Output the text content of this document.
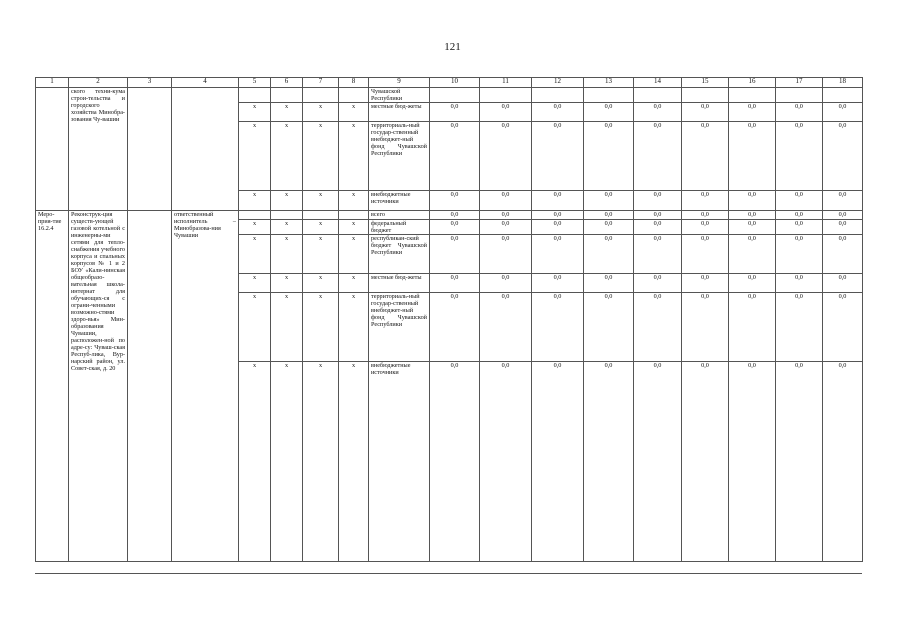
121
1	2	3	4	5	6	7	8	9	10	11	12	13	14	15	16	17	18
	ского техни-кума строи-тельства и городского хозяйства Минобра-зования Чу-вашии							Чувашской Республики									
				x	x	x	x	местные бюд-жеты	0,0	0,0	0,0	0,0	0,0	0,0	0,0	0,0	0,0
				x	x	x	x	территориаль-ный государ-ственный внебюджет-ный фонд Чувашской Республики	0,0	0,0	0,0	0,0	0,0	0,0	0,0	0,0	0,0
				x	x	x	x	внебюджетные источники	0,0	0,0	0,0	0,0	0,0	0,0	0,0	0,0	0,0
Меро-прия-тие 16.2.4	Реконструк-ция существ-ующей газовой котельной с инженерны-ми сетями для тепло-снабжения учебного корпуса и спальных корпусов № 1 и 2 БОУ «Кали-нинская общеобразо-вательная школа-интернат для обучающих-ся с ограни-ченными возможно-стями здоро-вья» Мин-образования Чувашии, расположен-ной по адре-су: Чуваш-ская Респуб-лика, Вур-нарский район, ул. Совет-ская, д. 20		ответственный исполнитель – Минобразова-ния Чувашии					всего	0,0	0,0	0,0	0,0	0,0	0,0	0,0	0,0	0,0
				x	x	x	x	федеральный бюджет	0,0	0,0	0,0	0,0	0,0	0,0	0,0	0,0	0,0
				x	x	x	x	республикан-ский бюджет Чувашской Республики	0,0	0,0	0,0	0,0	0,0	0,0	0,0	0,0	0,0
				x	x	x	x	местные бюд-жеты	0,0	0,0	0,0	0,0	0,0	0,0	0,0	0,0	0,0
				x	x	x	x	территориаль-ный государ-ственный внебюджет-ный фонд Чувашской Республики	0,0	0,0	0,0	0,0	0,0	0,0	0,0	0,0	0,0
				x	x	x	x	внебюджетные источники	0,0	0,0	0,0	0,0	0,0	0,0	0,0	0,0	0,0
